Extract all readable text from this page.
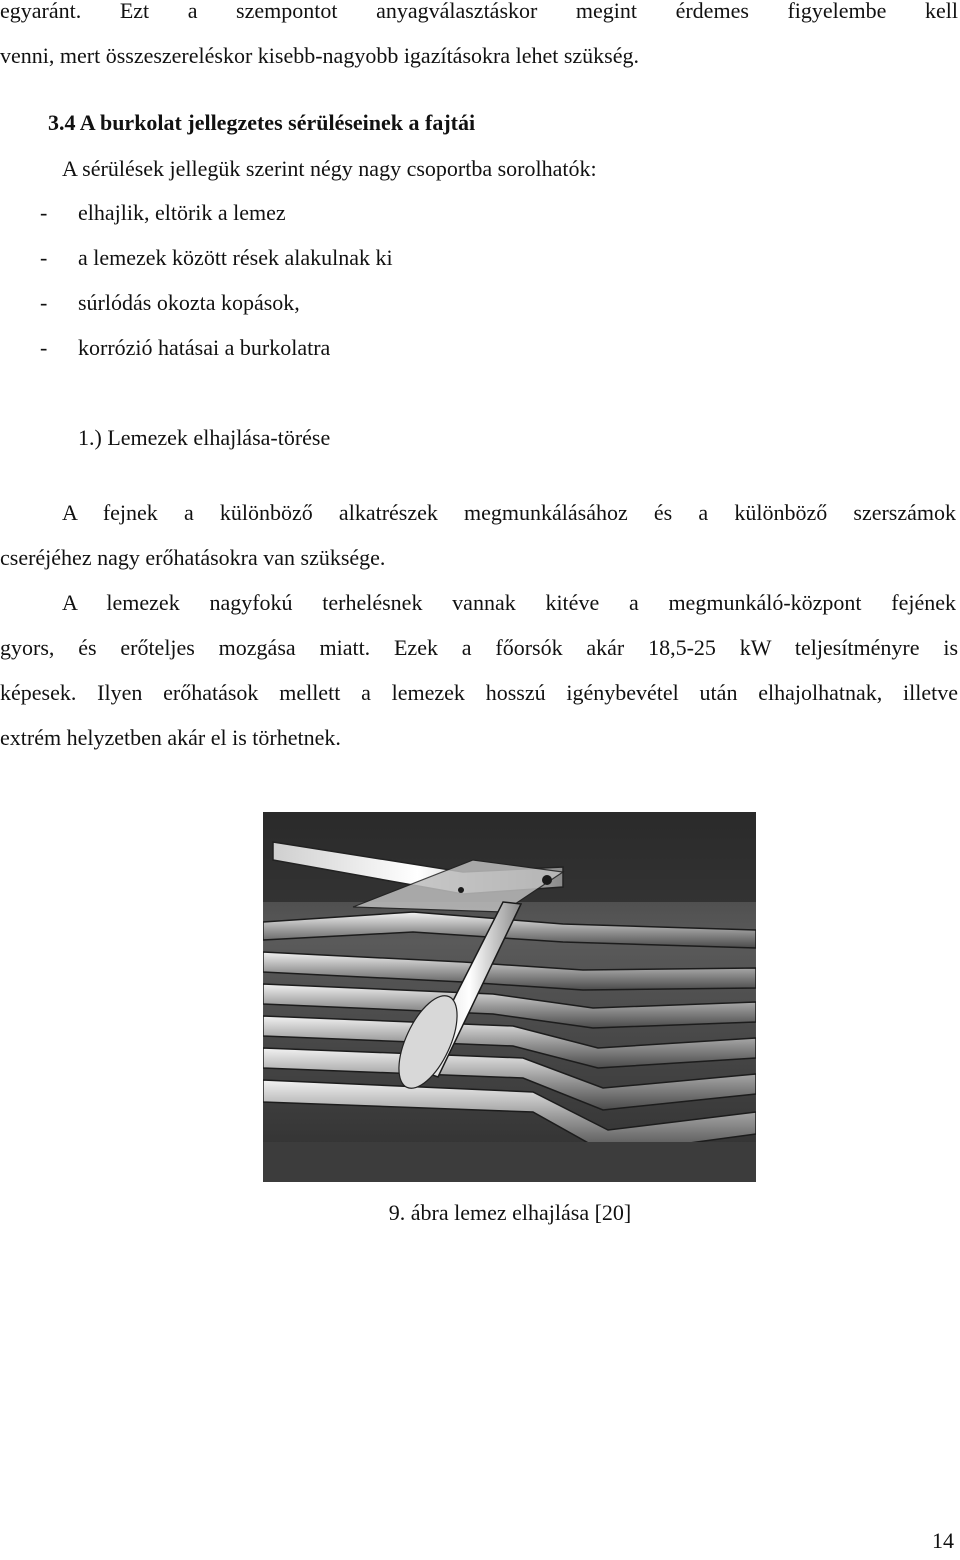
egyaránt. Ezt a szempontot anyagválasztáskor megint érdemes figyelembe kell
venni, mert összeszereléskor kisebb-nagyobb igazításokra lehet szükség.
3.4 A burkolat jellegzetes sérüléseinek a fajtái
A sérülések jellegük szerint négy nagy csoportba sorolhatók:
- elhajlik, eltörik a lemez
- a lemezek között rések alakulnak ki
- súrlódás okozta kopások,
- korrózió hatásai a burkolatra
1.) Lemezek elhajlása-törése
A fejnek a különböző alkatrészek megmunkálásához és a különböző szerszámok
cseréjéhez nagy erőhatásokra van szüksége.
A lemezek nagyfokú terhelésnek vannak kitéve a megmunkáló-központ fejének
gyors, és erőteljes mozgása miatt. Ezek a főorsók akár 18,5-25 kW teljesítményre is
képesek. Ilyen erőhatások mellett a lemezek hosszú igénybevétel után elhajolhatnak, illetve
extrém helyzetben akár el is törhetnek.
9. ábra lemez elhajlása [20]
14
